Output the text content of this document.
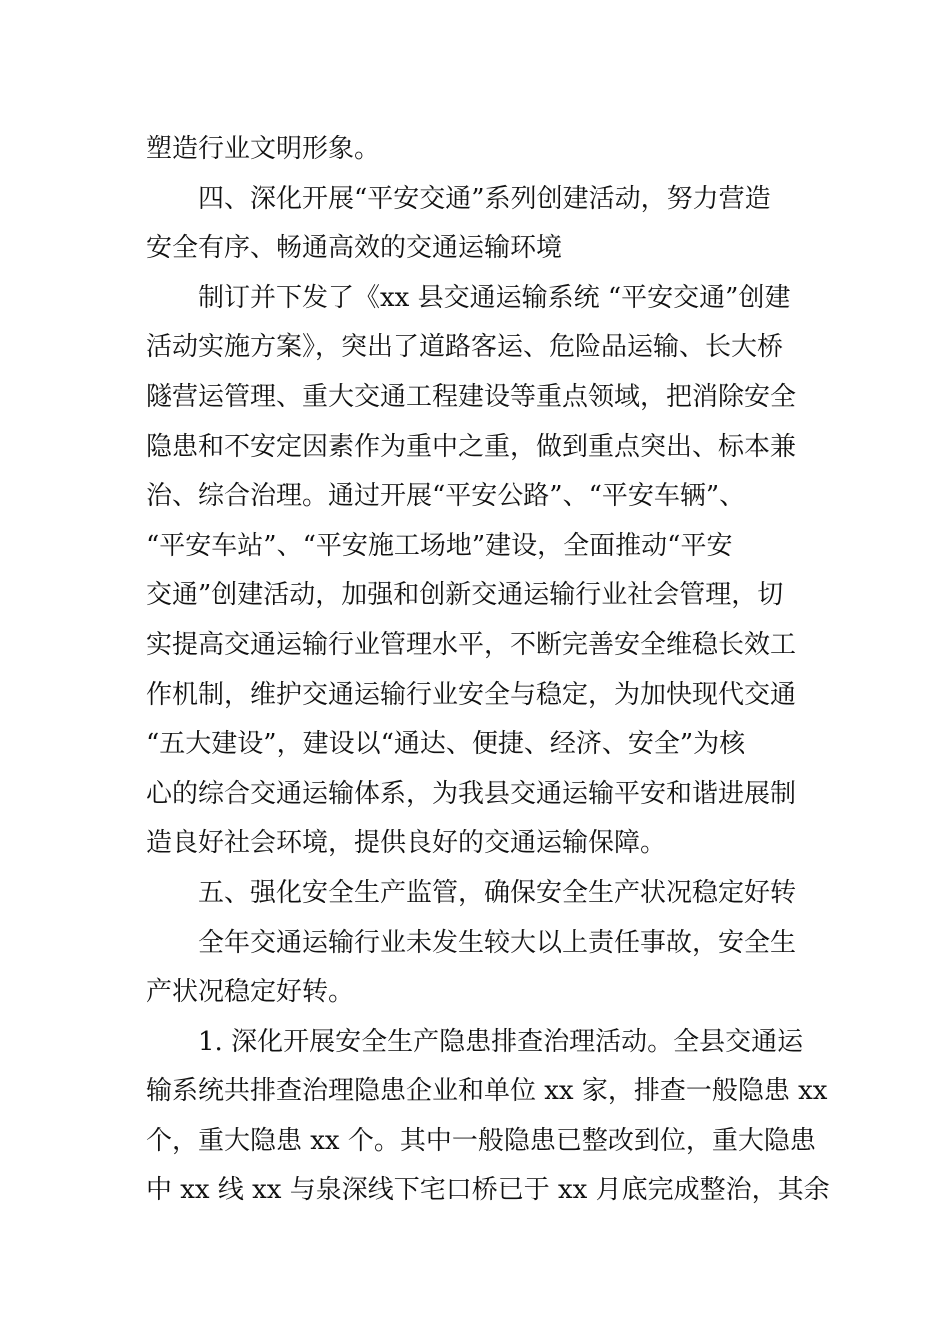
塑造行业文明形象。
四、深化开展“平安交通”系列创建活动，努力营造
安全有序、畅通高效的交通运输环境
制订并下发了《xx 县交通运输系统 “平安交通”创建
活动实施方案》，突出了道路客运、危险品运输、长大桥
隧营运管理、重大交通工程建设等重点领域，把消除安全
隐患和不安定因素作为重中之重，做到重点突出、标本兼
治、综合治理。通过开展“平安公路”、“平安车辆”、
“平安车站”、“平安施工场地”建设，全面推动“平安
交通”创建活动，加强和创新交通运输行业社会管理，切
实提高交通运输行业管理水平，不断完善安全维稳长效工
作机制，维护交通运输行业安全与稳定，为加快现代交通
“五大建设”，建设以“通达、便捷、经济、安全”为核
心的综合交通运输体系，为我县交通运输平安和谐进展制
造良好社会环境，提供良好的交通运输保障。
五、强化安全生产监管，确保安全生产状况稳定好转
全年交通运输行业未发生较大以上责任事故，安全生
产状况稳定好转。
1. 深化开展安全生产隐患排查治理活动。全县交通运
输系统共排查治理隐患企业和单位 xx 家，排查一般隐患 xx
个，重大隐患 xx 个。其中一般隐患已整改到位，重大隐患
中 xx 线 xx 与泉深线下宅口桥已于 xx 月底完成整治，其余
